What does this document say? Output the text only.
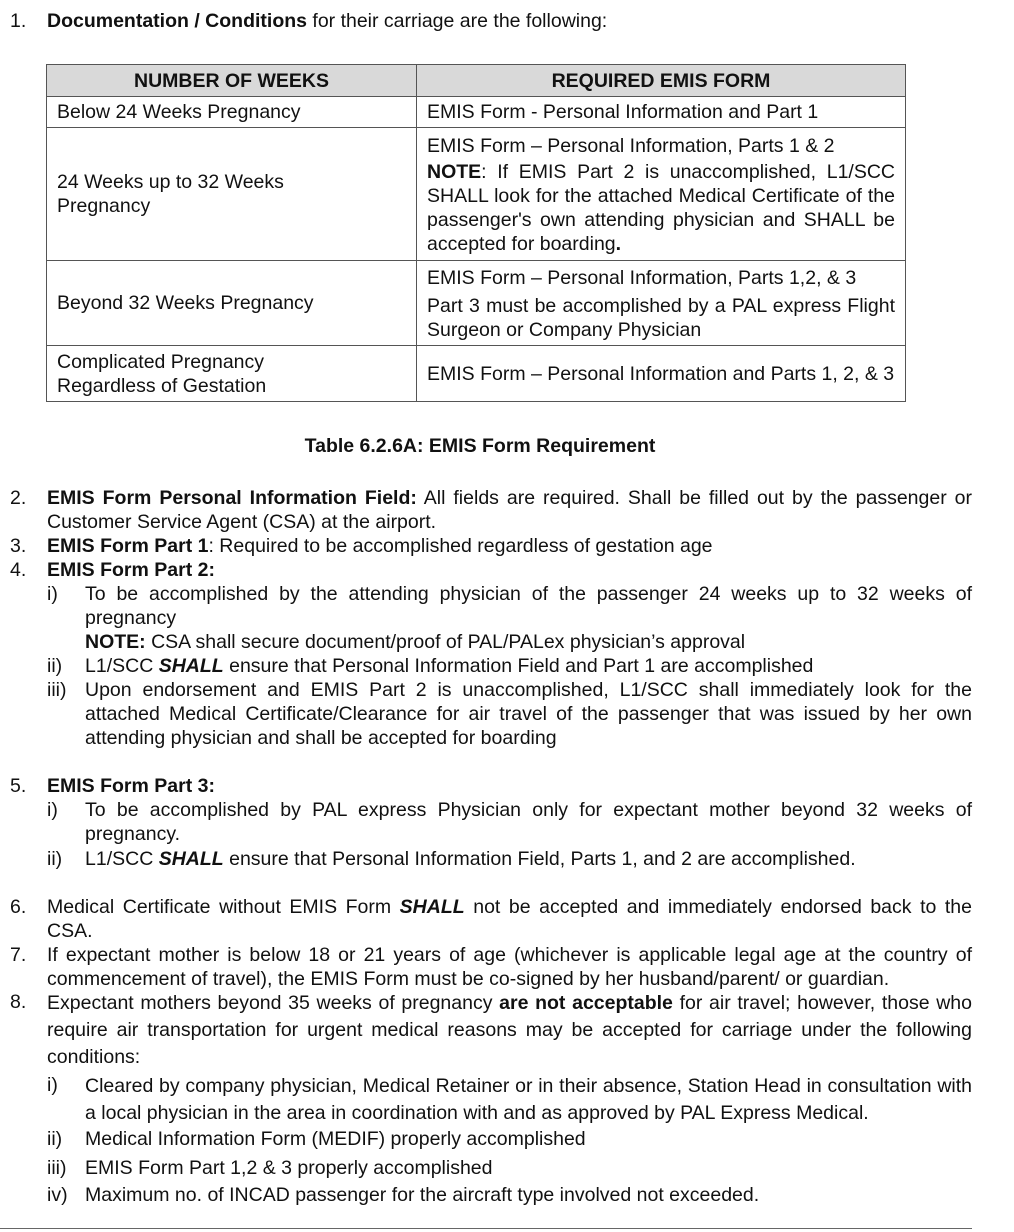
1. Documentation / Conditions for their carriage are the following:
NUMBER OF WEEKS	REQUIRED EMIS FORM
Below 24 Weeks Pregnancy	EMIS Form - Personal Information and Part 1
24 Weeks up to 32 Weeks Pregnancy	EMIS Form – Personal Information, Parts 1 & 2
NOTE: If EMIS Part 2 is unaccomplished, L1/SCC SHALL look for the attached Medical Certificate of the passenger's own attending physician and SHALL be accepted for boarding.

Beyond 32 Weeks Pregnancy	EMIS Form – Personal Information, Parts 1,2, & 3
Part 3 must be accomplished by a PAL express Flight Surgeon or Company Physician

Complicated Pregnancy Regardless of Gestation	EMIS Form – Personal Information and Parts 1, 2, & 3
Table 6.2.6A: EMIS Form Requirement
2. EMIS Form Personal Information Field: All fields are required. Shall be filled out by the passenger or Customer Service Agent (CSA) at the airport.
3. EMIS Form Part 1: Required to be accomplished regardless of gestation age
4. EMIS Form Part 2:
i) To be accomplished by the attending physician of the passenger 24 weeks up to 32 weeks of pregnancy
NOTE: CSA shall secure document/proof of PAL/PALex physician’s approval
ii) L1/SCC SHALL ensure that Personal Information Field and Part 1 are accomplished
iii) Upon endorsement and EMIS Part 2 is unaccomplished, L1/SCC shall immediately look for the attached Medical Certificate/Clearance for air travel of the passenger that was issued by her own attending physician and shall be accepted for boarding
5. EMIS Form Part 3:
i) To be accomplished by PAL express Physician only for expectant mother beyond 32 weeks of pregnancy.
ii) L1/SCC SHALL ensure that Personal Information Field, Parts 1, and 2 are accomplished.
6. Medical Certificate without EMIS Form SHALL not be accepted and immediately endorsed back to the CSA.
7. If expectant mother is below 18 or 21 years of age (whichever is applicable legal age at the country of commencement of travel), the EMIS Form must be co-signed by her husband/parent/ or guardian.
8. Expectant mothers beyond 35 weeks of pregnancy are not acceptable for air travel; however, those who require air transportation for urgent medical reasons may be accepted for carriage under the following conditions:
i) Cleared by company physician, Medical Retainer or in their absence, Station Head in consultation with a local physician in the area in coordination with and as approved by PAL Express Medical.
ii) Medical Information Form (MEDIF) properly accomplished
iii) EMIS Form Part 1,2 & 3 properly accomplished
iv) Maximum no. of INCAD passenger for the aircraft type involved not exceeded.
